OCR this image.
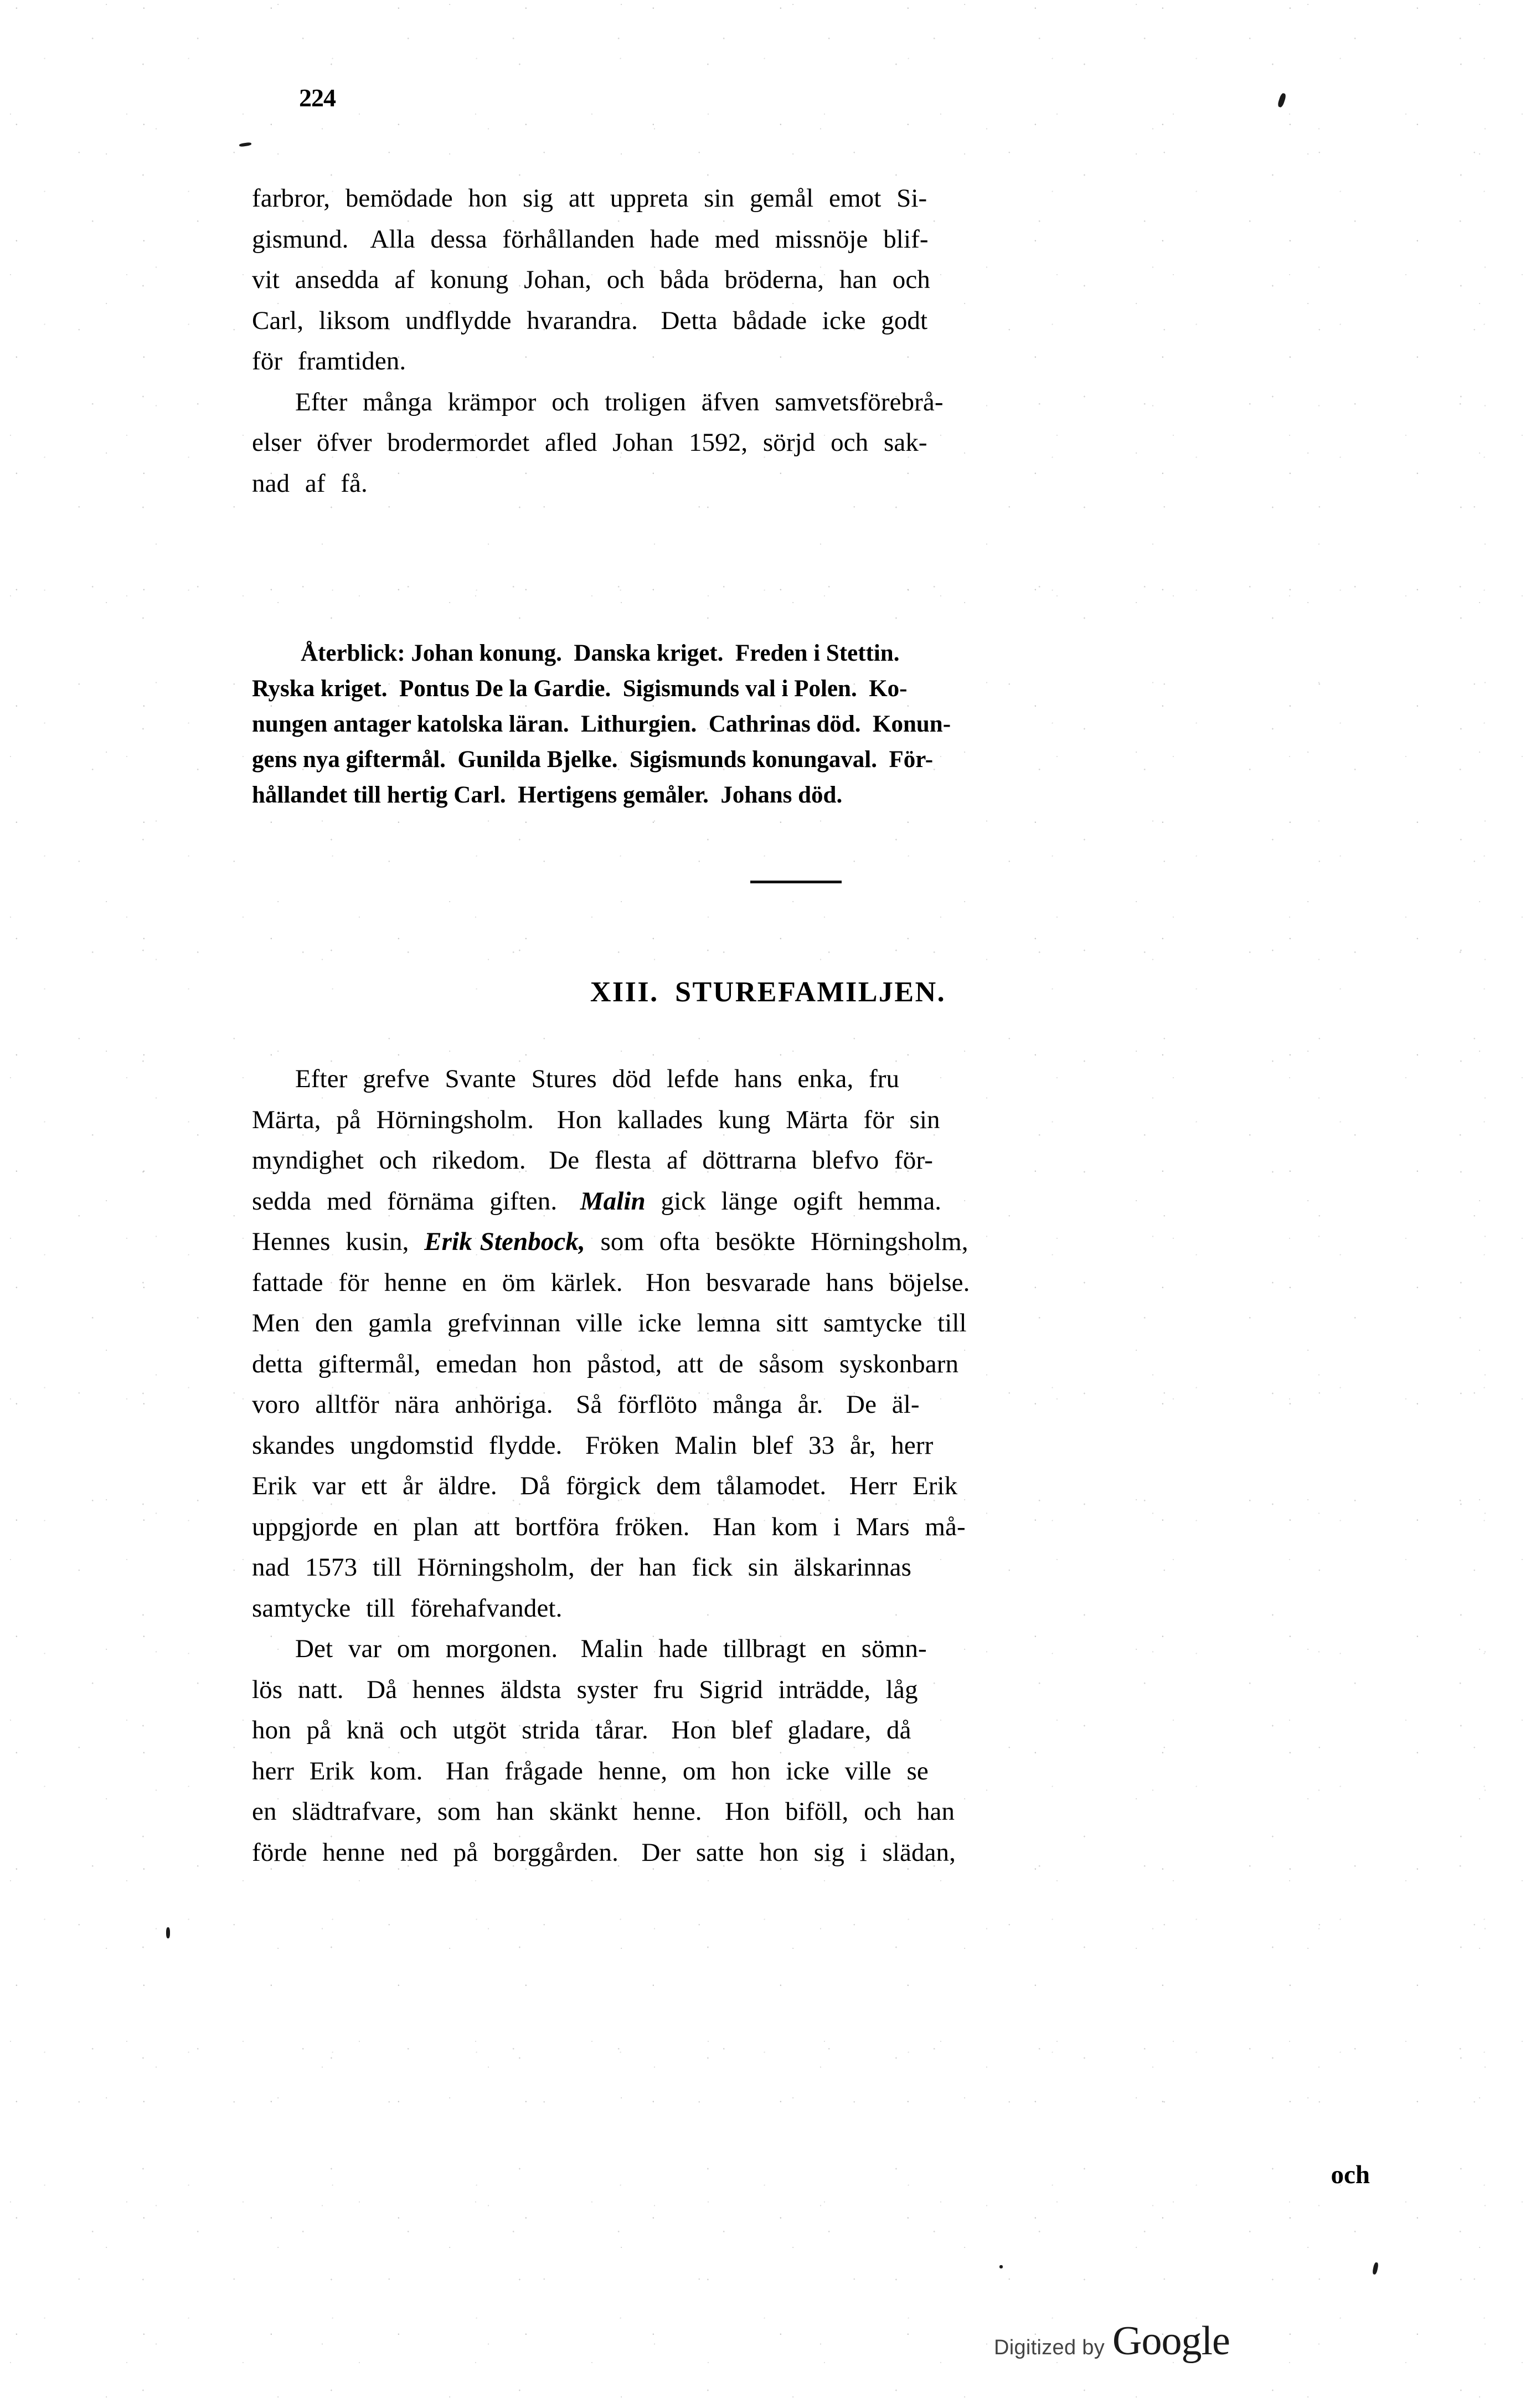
224
farbror,  bemödade  hon  sig  att  uppreta  sin  gemål  emot  Si-
gismund.   Alla  dessa  förhållanden  hade  med  missnöje  blif-
vit  ansedda  af  konung  Johan,  och  båda  bröderna,  han  och
Carl,  liksom  undflydde  hvarandra.   Detta  bådade  icke  godt
för  framtiden.
Efter  många  krämpor  och  troligen  äfven  samvetsförebrå-
elser  öfver  brodermordet  afled  Johan  1592,  sörjd  och  sak-
nad  af  få.
Återblick: Johan konung.  Danska kriget.  Freden i Stettin.
Ryska kriget.  Pontus De la Gardie.  Sigismunds val i Polen.  Ko-
nungen antager katolska läran.  Lithurgien.  Cathrinas död.  Konun-
gens nya giftermål.  Gunilda Bjelke.  Sigismunds konungaval.  För-
hållandet till hertig Carl.  Hertigens gemåler.  Johans död.
XIII. STUREFAMILJEN.
Efter  grefve  Svante  Stures  död  lefde  hans  enka,  fru
Märta,  på  Hörningsholm.   Hon  kallades  kung  Märta  för  sin
myndighet  och  rikedom.   De  flesta  af  döttrarna  blefvo  för-
sedda  med  förnäma  giften.   Malin  gick  länge  ogift  hemma.
Hennes  kusin,  Erik Stenbock,  som  ofta  besökte  Hörningsholm,
fattade  för  henne  en  öm  kärlek.   Hon  besvarade  hans  böjelse.
Men  den  gamla  grefvinnan  ville  icke  lemna  sitt  samtycke  till
detta  giftermål,  emedan  hon  påstod,  att  de  såsom  syskonbarn
voro  alltför  nära  anhöriga.   Så  förflöto  många  år.   De  äl-
skandes  ungdomstid  flydde.   Fröken  Malin  blef  33  år,  herr
Erik  var  ett  år  äldre.   Då  förgick  dem  tålamodet.   Herr  Erik
uppgjorde  en  plan  att  bortföra  fröken.   Han  kom  i  Mars  må-
nad  1573  till  Hörningsholm,  der  han  fick  sin  älskarinnas
samtycke  till  förehafvandet.
Det  var  om  morgonen.   Malin  hade  tillbragt  en  sömn-
lös  natt.   Då  hennes  äldsta  syster  fru  Sigrid  inträdde,  låg
hon  på  knä  och  utgöt  strida  tårar.   Hon  blef  gladare,  då
herr  Erik  kom.   Han  frågade  henne,  om  hon  icke  ville  se
en  slädtrafvare,  som  han  skänkt  henne.   Hon  biföll,  och  han
förde  henne  ned  på  borggården.   Der  satte  hon  sig  i  slädan,
och
Digitized by Google
